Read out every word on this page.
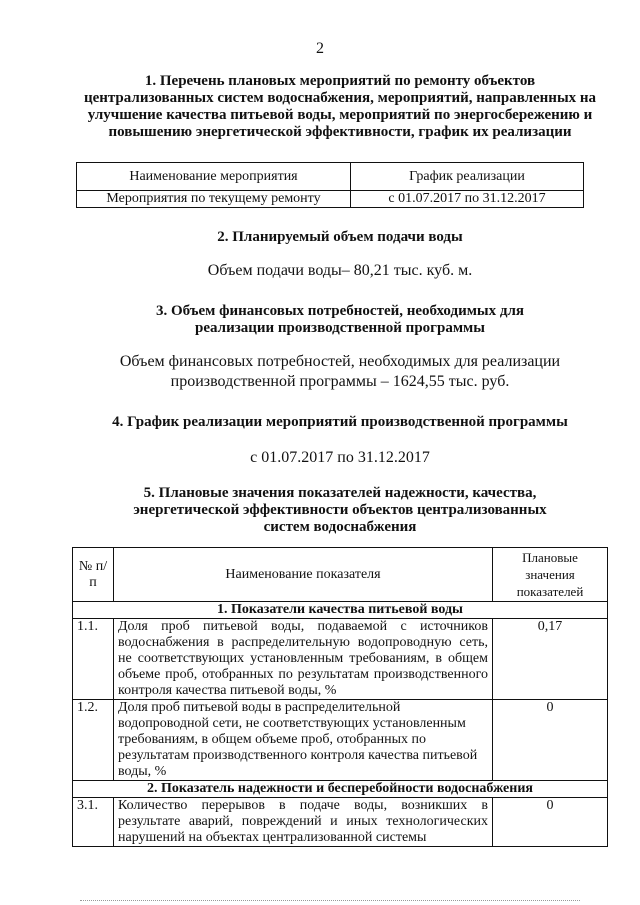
2
1. Перечень плановых мероприятий по ремонту объектов
централизованных систем водоснабжения, мероприятий, направленных на
улучшение качества питьевой воды, мероприятий по энергосбережению и
повышению энергетической эффективности, график их реализации
Наименование мероприятия	График реализации
Мероприятия по текущему ремонту	с 01.07.2017 по 31.12.2017
2. Планируемый объем подачи воды
Объем подачи воды– 80,21 тыс. куб. м.
3. Объем финансовых потребностей, необходимых для
реализации производственной программы
Объем финансовых потребностей, необходимых для реализации
производственной программы – 1624,55 тыс. руб.
4. График реализации мероприятий производственной программы
с 01.07.2017 по 31.12.2017
5. Плановые значения показателей надежности, качества,
энергетической эффективности объектов централизованных
систем водоснабжения
№ п/п	Наименование показателя	Плановые значения показателей
1. Показатели качества питьевой воды		
1.1.	Доля проб питьевой воды, подаваемой с источников водоснабжения в распределительную водопроводную сеть, не соответствующих установленным требованиям, в общем объеме проб, отобранных по результатам производственного контроля качества питьевой воды, %	0,17
1.2.	Доля проб питьевой воды в распределительной водопроводной сети, не соответствующих установленным требованиям, в общем объеме проб, отобранных по результатам производственного контроля качества питьевой воды, %	0
2. Показатель надежности и бесперебойности водоснабжения		
3.1.	Количество перерывов в подаче воды, возникших в результате аварий, повреждений и иных технологических нарушений на объектах централизованной системы	0
